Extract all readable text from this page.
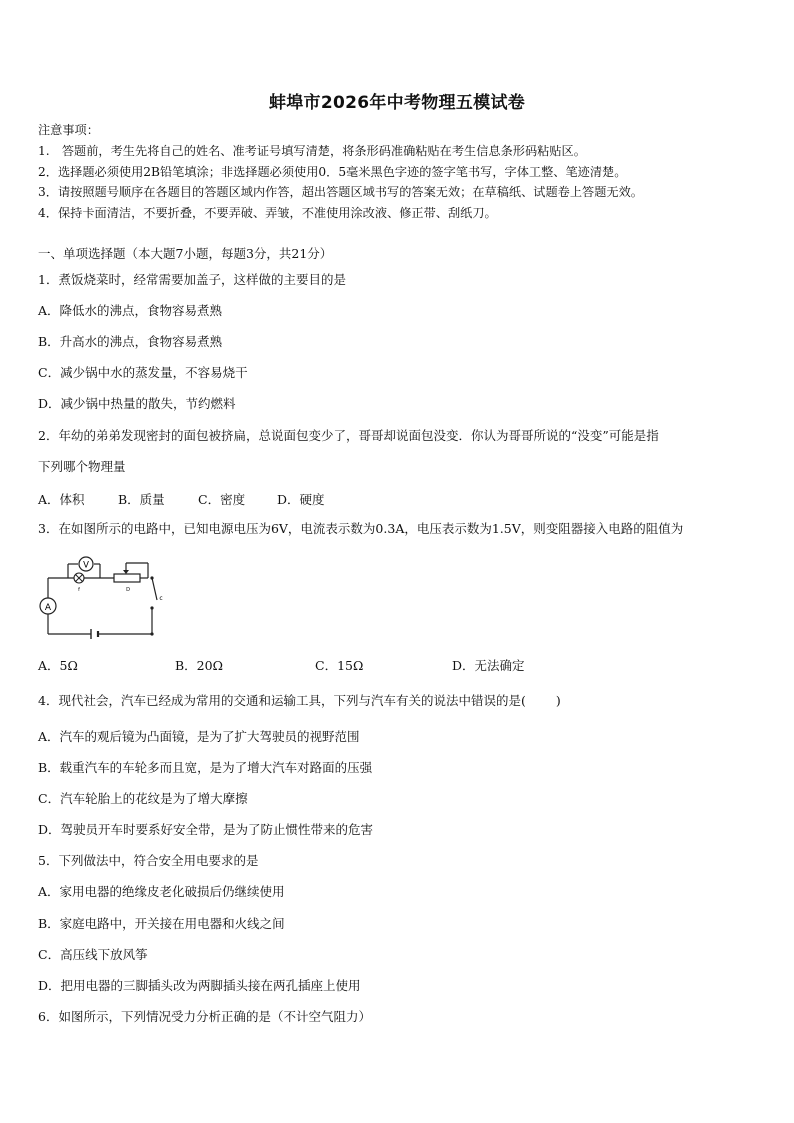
蚌埠市2026年中考物理五模试卷
注意事项：
1.　答题前，考生先将自己的姓名、准考证号填写清楚，将条形码准确粘贴在考生信息条形码粘贴区。
2．选择题必须使用2B铅笔填涂；非选择题必须使用0．5毫米黑色字迹的签字笔书写，字体工整、笔迹清楚。
3．请按照题号顺序在各题目的答题区域内作答，超出答题区域书写的答案无效；在草稿纸、试题卷上答题无效。
4．保持卡面清洁，不要折叠，不要弄破、弄皱，不准使用涂改液、修正带、刮纸刀。
一、单项选择题（本大题7小题，每题3分，共21分）
1．煮饭烧菜时，经常需要加盖子，这样做的主要目的是
A．降低水的沸点，食物容易煮熟
B．升高水的沸点，食物容易煮熟
C．减少锅中水的蒸发量，不容易烧干
D．减少锅中热量的散失，节约燃料
2．年幼的弟弟发现密封的面包被挤扁，总说面包变少了，哥哥却说面包没变．你认为哥哥所说的“没变”可能是指
下列哪个物理量
A．体积	B．质量	C．密度	D．硬度
3．在如图所示的电路中，已知电源电压为6V，电流表示数为0.3A，电压表示数为1.5V，则变阻器接入电路的阻值为
A
V
f	D
c
A．5Ω	B．20Ω	C．15Ω	D．无法确定
4．现代社会，汽车已经成为常用的交通和运输工具，下列与汽车有关的说法中错误的是( )
A．汽车的观后镜为凸面镜，是为了扩大驾驶员的视野范围
B．载重汽车的车轮多而且宽，是为了增大汽车对路面的压强
C．汽车轮胎上的花纹是为了增大摩擦
D．驾驶员开车时要系好安全带，是为了防止惯性带来的危害
5．下列做法中，符合安全用电要求的是
A．家用电器的绝缘皮老化破损后仍继续使用
B．家庭电路中，开关接在用电器和火线之间
C．高压线下放风筝
D．把用电器的三脚插头改为两脚插头接在两孔插座上使用
6．如图所示，下列情况受力分析正确的是（不计空气阻力）
